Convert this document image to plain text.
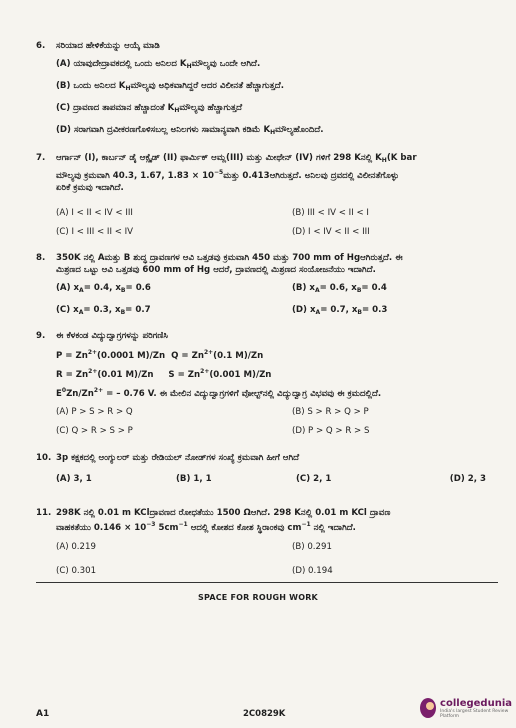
6.	ಸರಿಯಾದ ಹೇಳಿಕೆಯನ್ನು ಆಯ್ಕೆ ಮಾಡಿ
(A) ಯಾವುದೇದ್ರಾವಕದಲ್ಲಿ ಒಂದು ಅನಿಲದ $K_Hಮೌಲ್ಯವು$ ಒಂದೇ ಆಗಿದೆ.
(B) ಒಂದು ಅನಿಲದ $K_Hಮೌಲ್ಯವು$ ಅಧಿಕವಾಗಿದ್ದರೆ ಆದರ ವಿಲೀನತೆ ಹೆಚ್ಚಾಗುತ್ತದೆ.
(C) ದ್ರಾವಣದ ತಾಪಮಾನ ಹೆಚ್ಚಾದಂತೆ $K_Hಮೌಲ್ಯವು$ ಹೆಚ್ಚಾಗುತ್ತದೆ
(D) ಸರಾಗವಾಗಿ ದ್ರವೀಕರಣಗೊಳಿಸಬಲ್ಲ ಅನಿಲಗಳು ಸಾಮಾನ್ಯವಾಗಿ ಕಡಿಮೆ $K_Hಮೌಲ್ಯಹೊಂದಿದೆ$.
7.	ಆರ್ಗಾನ್ (I), ಕಾರ್ಬನ್ ಡೈ ಆಕ್ಸೈಡ್ (II) ಫಾರ್ಮಿಕ್ ಆಮ್ಲ(III) ಮತ್ತು ಮೀಥೇನ್ (IV) ಗಳಿಗೆ 298 Kನಲ್ಲಿ $K_H(K$ bar
ಮೌಲ್ಯವು ಕ್ರಮವಾಗಿ 40.3, 1.67, $1.83 \times 10^{-5}ಮತ್ತು$ 0.413ಆಗಿರುತ್ತದೆ. ಅನಿಲವು ದ್ರವದಲ್ಲಿ ವಿಲೀನತೆಗೊಳ್ಳು
ಏರಿಕೆ ಕ್ರಮವು ಇದಾಗಿದೆ.
(A) I < II < IV < III	(B) III < IV < II < I
(C) I < III < II < IV	(D) I < IV < II < III
8.	350K ನಲ್ಲಿ Aಮತ್ತು B ಶುದ್ಧ ದ್ರಾವಣಗಳ ಆವಿ ಒತ್ತಡವು ಕ್ರಮವಾಗಿ 450 ಮತ್ತು 700 mm of Hgಆಗಿರುತ್ತದೆ. ಈ
ಮಿಶ್ರಣದ ಒಟ್ಟು ಆವಿ ಒತ್ತಡವು 600 mm of Hg ಆದರೆ, ದ್ರಾವಣದಲ್ಲಿ ಮಿಶ್ರಣದ ಸಂಯೋಜನೆಯು ಇದಾಗಿದೆ.
(A) $x_A= 0.4$, $x_B= 0.6$	(B) $x_A= 0.6$, $x_B= 0.4$
(C) $x_A= 0.3$, $x_B= 0.7$	(D) $x_A= 0.7$, $x_B= 0.3$
9.	ಈ ಕೆಳಕಂಡ ವಿದ್ಯುದ್ವಾಗ್ರಗಳನ್ನು ಪರಿಗಣಿಸಿ
$P = Zn^{2+}(0.0001$ M)/Zn $Q = Zn^{2+}(0.1$ M)/Zn
$R = Zn^{2+}(0.01$ M)/Zn $S = Zn^{2+}(0.001$ M)/Zn
$E^0Zn/Zn^{2+}$ = – 0.76 V. ಈ ಮೇಲಿನ ವಿದ್ಯುದ್ವಾಗ್ರಗಳಿಗೆ ವೋಲ್ಟ್‌ನಲ್ಲಿ ವಿದ್ಯುದ್ವಾಗ್ರ ವಿಭವವು ಈ ಕ್ರಮದಲ್ಲಿದೆ.
(A) P > S > R > Q	(B) S > R > Q > P
(C) Q > R > S > P	(D) P > Q > R > S
10. 3p ಕಕ್ಷಕದಲ್ಲಿ ಆಂಗ್ಯುಲರ್ ಮತ್ತು ರೇಡಿಯಲ್ ನೋಡ್‌ಗಳ ಸಂಖ್ಯೆ ಕ್ರಮವಾಗಿ ಹೀಗೆ ಆಗಿದೆ
(A) 3, 1	(B) 1, 1	(C) 2, 1	(D) 2, 3
11. 298K ನಲ್ಲಿ 0.01 m KClದ್ರಾವಣದ ರೋಧತೆಯು 1500 Ωಆಗಿದೆ. 298 Kನಲ್ಲಿ 0.01 m KCl ದ್ರಾವಣ
ವಾಹಕತೆಯು $0.146 \times 10^{-3}$ $5cm^{-1}$ ಆದಲ್ಲಿ ಕೋಶದ ಕೋಶ ಸ್ಥಿರಾಂಕವು $cm^{-1}$ ನಲ್ಲಿ ಇದಾಗಿದೆ.
(A) 0.219	(B) 0.291
(C) 0.301	(D) 0.194
SPACE FOR ROUGH WORK
A1	2C0829K
collegedunia
India's largest Student Review Platform
